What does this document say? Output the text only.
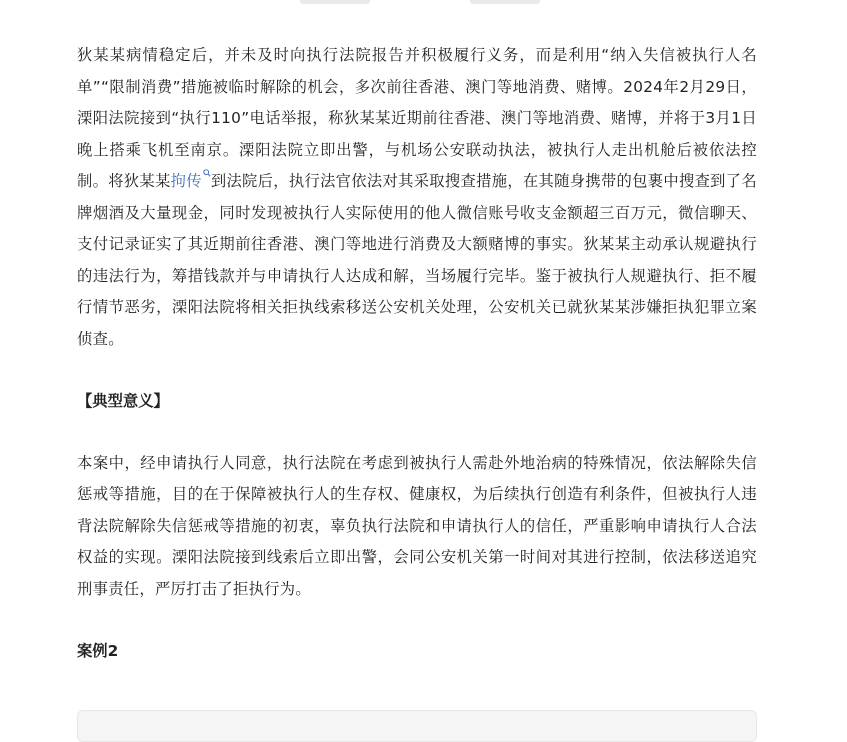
狄某某病情稳定后，并未及时向执行法院报告并积极履行义务，而是利用“纳入失信被执行人名单”“限制消费”措施被临时解除的机会，多次前往香港、澳门等地消费、赌博。2024年2月29日，溧阳法院接到“执行110”电话举报，称狄某某近期前往香港、澳门等地消费、赌博，并将于3月1日晚上搭乘飞机至南京。溧阳法院立即出警，与机场公安联动执法，被执行人走出机舱后被依法控制。将狄某某拘传 到法院后，执行法官依法对其采取搜查措施，在其随身携带的包裹中搜查到了名牌烟酒及大量现金，同时发现被执行人实际使用的他人微信账号收支金额超三百万元，微信聊天、支付记录证实了其近期前往香港、澳门等地进行消费及大额赌博的事实。狄某某主动承认规避执行的违法行为，筹措钱款并与申请执行人达成和解，当场履行完毕。鉴于被执行人规避执行、拒不履行情节恶劣，溧阳法院将相关拒执线索移送公安机关处理，公安机关已就狄某某涉嫌拒执犯罪立案侦查。

【典型意义】

本案中，经申请执行人同意，执行法院在考虑到被执行人需赴外地治病的特殊情况，依法解除失信惩戒等措施，目的在于保障被执行人的生存权、健康权，为后续执行创造有利条件，但被执行人违背法院解除失信惩戒等措施的初衷，辜负执行法院和申请执行人的信任，严重影响申请执行人合法权益的实现。溧阳法院接到线索后立即出警，会同公安机关第一时间对其进行控制，依法移送追究刑事责任，严厉打击了拒执行为。

案例2
